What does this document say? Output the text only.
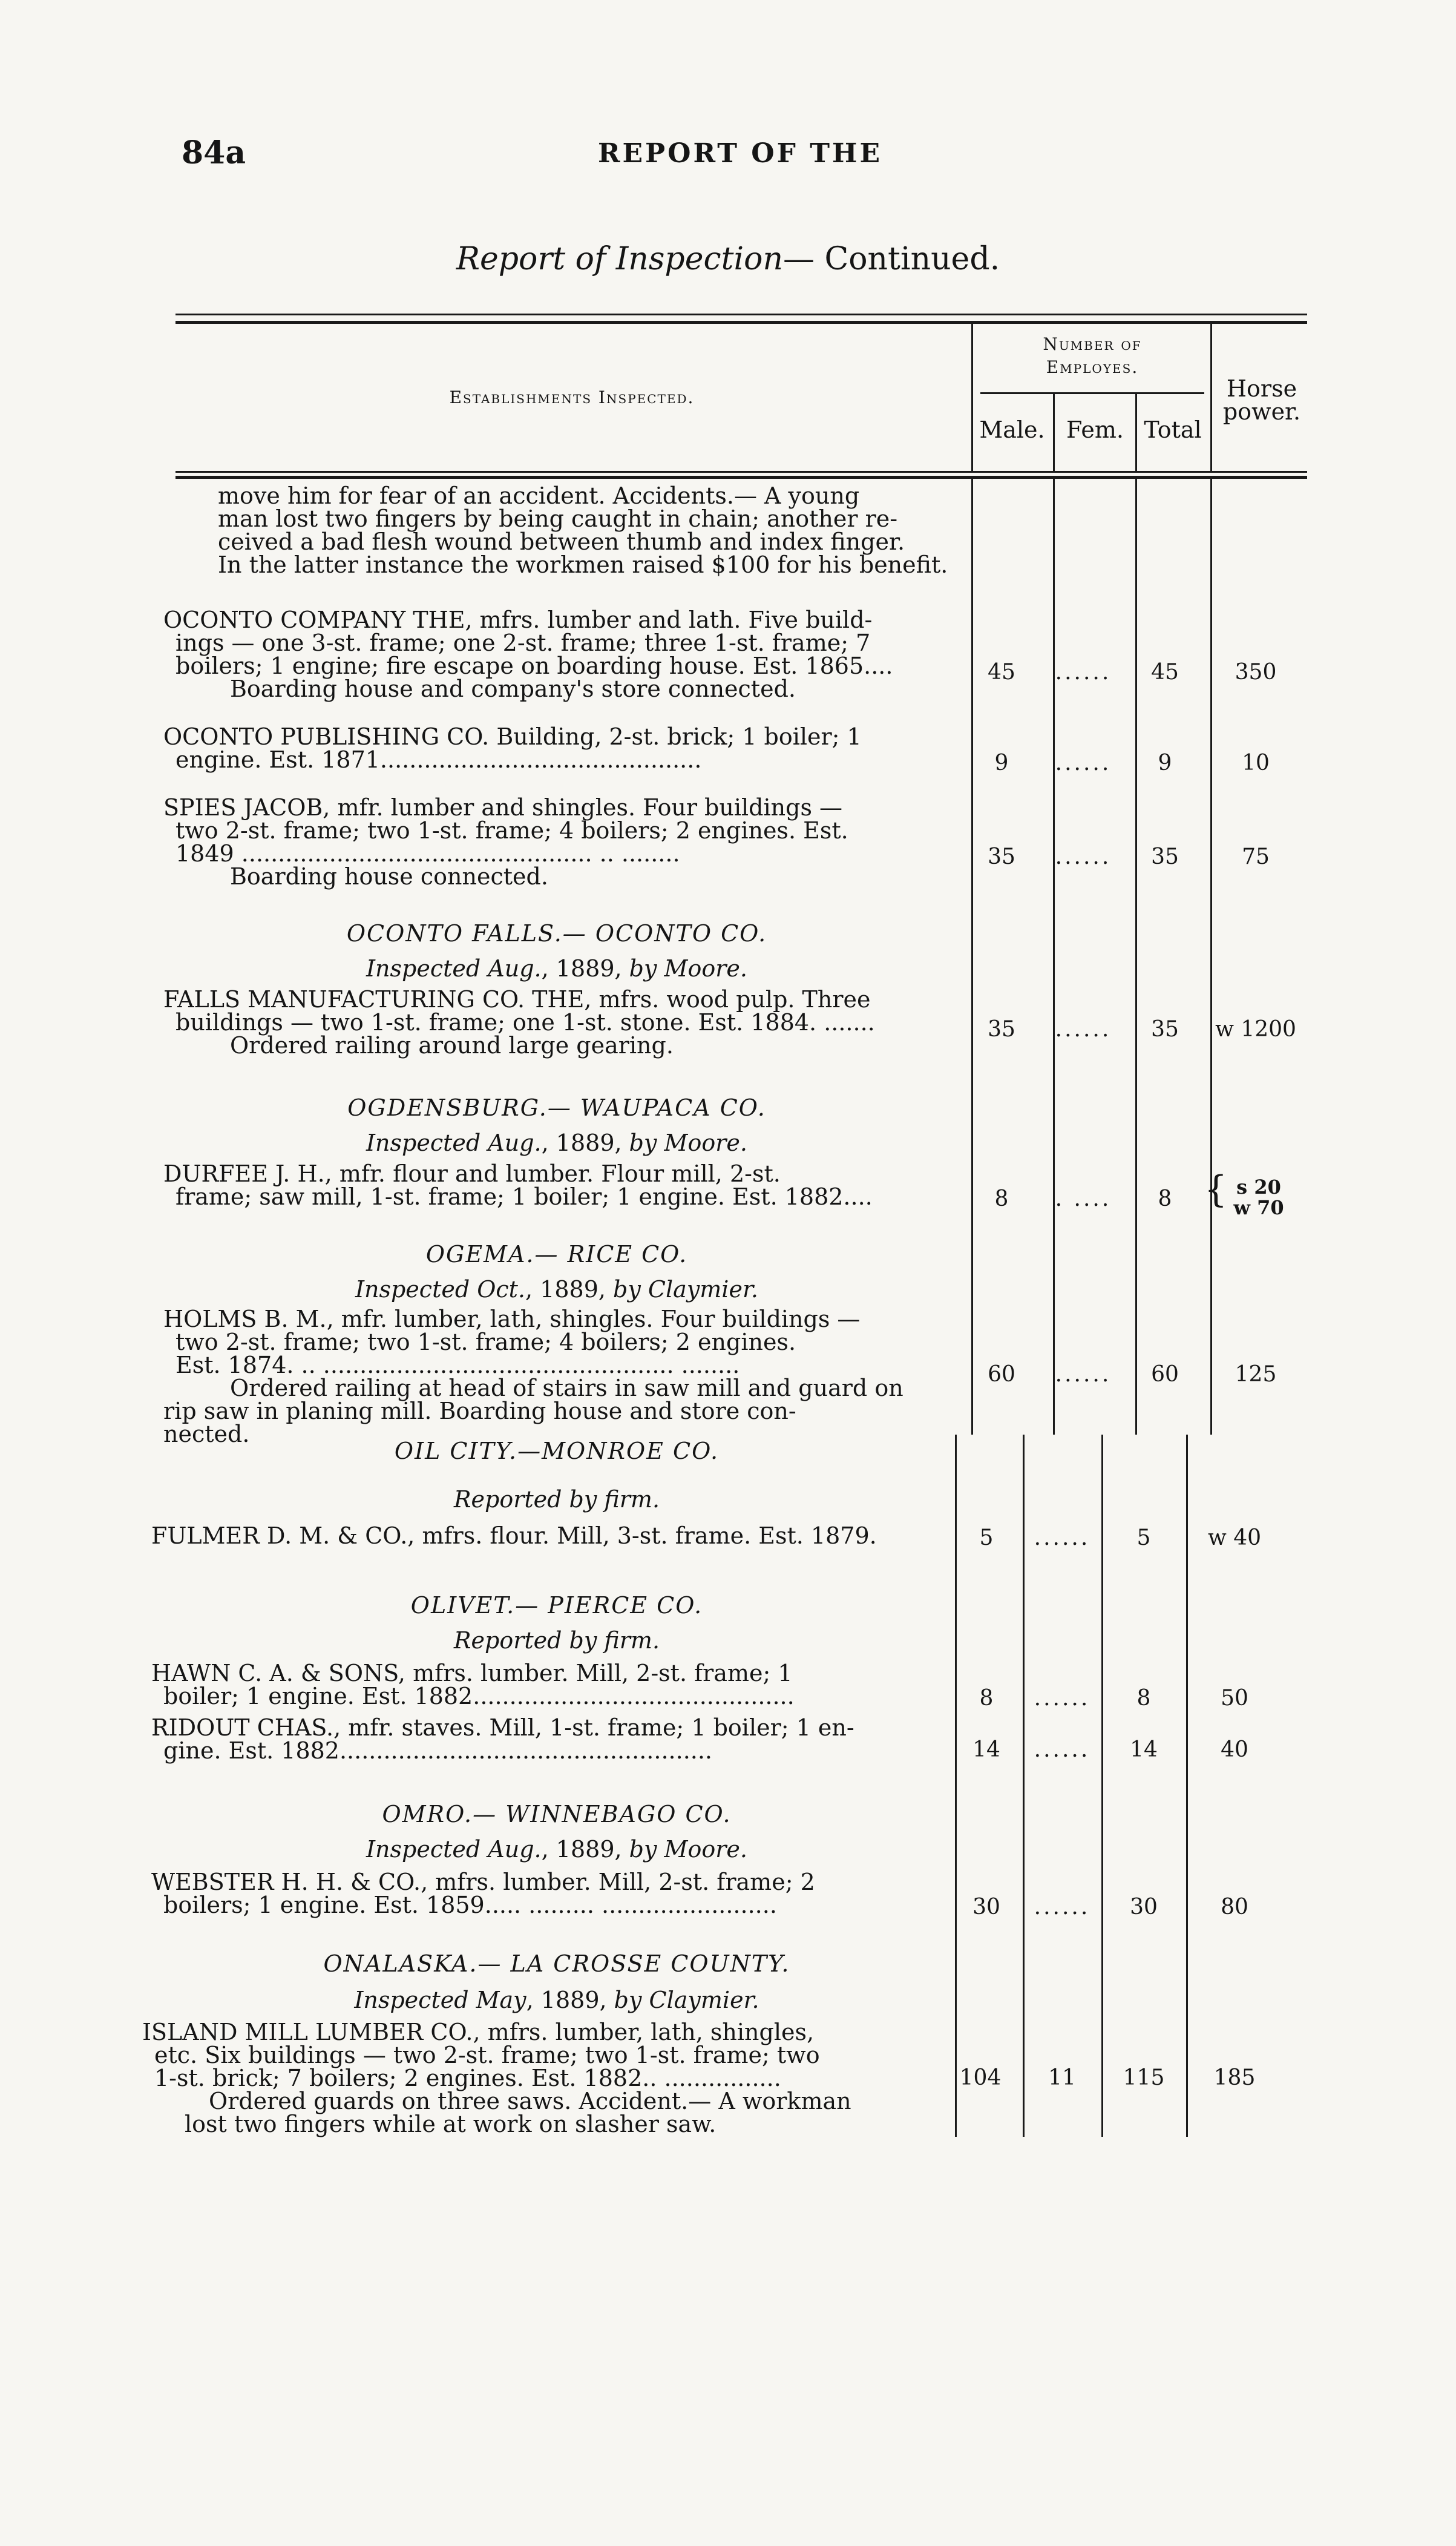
84a	REPORT OF THE
Report of Inspection— Continued.
Establishments Inspected.
Number of
Employes.
Male. Fem. Total
Horse
power.

move him for fear of an accident. Accidents.— A young

man lost two fingers by being caught in chain; another re-

ceived a bad flesh wound between thumb and index finger.

In the latter instance the workmen raised $100 for his benefit.

OCONTO COMPANY THE, mfrs. lumber and lath. Five build-

ings — one 3-st. frame; one 2-st. frame; three 1-st. frame; 7

boilers; 1 engine; fire escape on boarding house. Est. 1865....

Boarding house and company's store connected.

45	......	45	350

OCONTO PUBLISHING CO. Building, 2-st. brick; 1 boiler; 1

engine. Est. 1871............................................	9	......	9	10

SPIES JACOB, mfr. lumber and shingles. Four buildings —

two 2-st. frame; two 1-st. frame; 4 boilers; 2 engines. Est.

1849 ................................................ .. ........

Boarding house connected.

35	......	35	75
OCONTO FALLS.— OCONTO CO.
Inspected Aug., 1889, by Moore.

FALLS MANUFACTURING CO. THE, mfrs. wood pulp. Three

buildings — two 1-st. frame; one 1-st. stone. Est. 1884. .......

Ordered railing around large gearing.

35	......	35	w 1200
OGDENSBURG.— WAUPACA CO.
Inspected Aug., 1889, by Moore.

DURFEE J. H., mfr. flour and lumber. Flour mill, 2-st.

frame; saw mill, 1-st. frame; 1 boiler; 1 engine. Est. 1882....	8	. ....	8 { s 20
w 70
OGEMA.— RICE CO.
Inspected Oct., 1889, by Claymier.

HOLMS B. M., mfr. lumber, lath, shingles. Four buildings —

two 2-st. frame; two 1-st. frame; 4 boilers; 2 engines.

Est. 1874. .. ................................................ ........

Ordered railing at head of stairs in saw mill and guard on

rip saw in planing mill. Boarding house and store con-

nected.

60	......	60	125
OIL CITY.—MONROE CO.
Reported by firm.

FULMER D. M. & CO., mfrs. flour. Mill, 3-st. frame. Est. 1879.	5	......	5	w 40
OLIVET.— PIERCE CO.
Reported by firm.

HAWN C. A. & SONS, mfrs. lumber. Mill, 2-st. frame; 1

boiler; 1 engine. Est. 1882............................................	8	......	8	50

RIDOUT CHAS., mfr. staves. Mill, 1-st. frame; 1 boiler; 1 en-

gine. Est. 1882...................................................	14	......	14	40
OMRO.— WINNEBAGO CO.
Inspected Aug., 1889, by Moore.

WEBSTER H. H. & CO., mfrs. lumber. Mill, 2-st. frame; 2

boilers; 1 engine. Est. 1859..... ......... ........................	30	......	30	80
ONALASKA.— LA CROSSE COUNTY.
Inspected May, 1889, by Claymier.

ISLAND MILL LUMBER CO., mfrs. lumber, lath, shingles,

etc. Six buildings — two 2-st. frame; two 1-st. frame; two

1-st. brick; 7 boilers; 2 engines. Est. 1882.. ................

Ordered guards on three saws. Accident.— A workman

lost two fingers while at work on slasher saw.

104	11	115	185
